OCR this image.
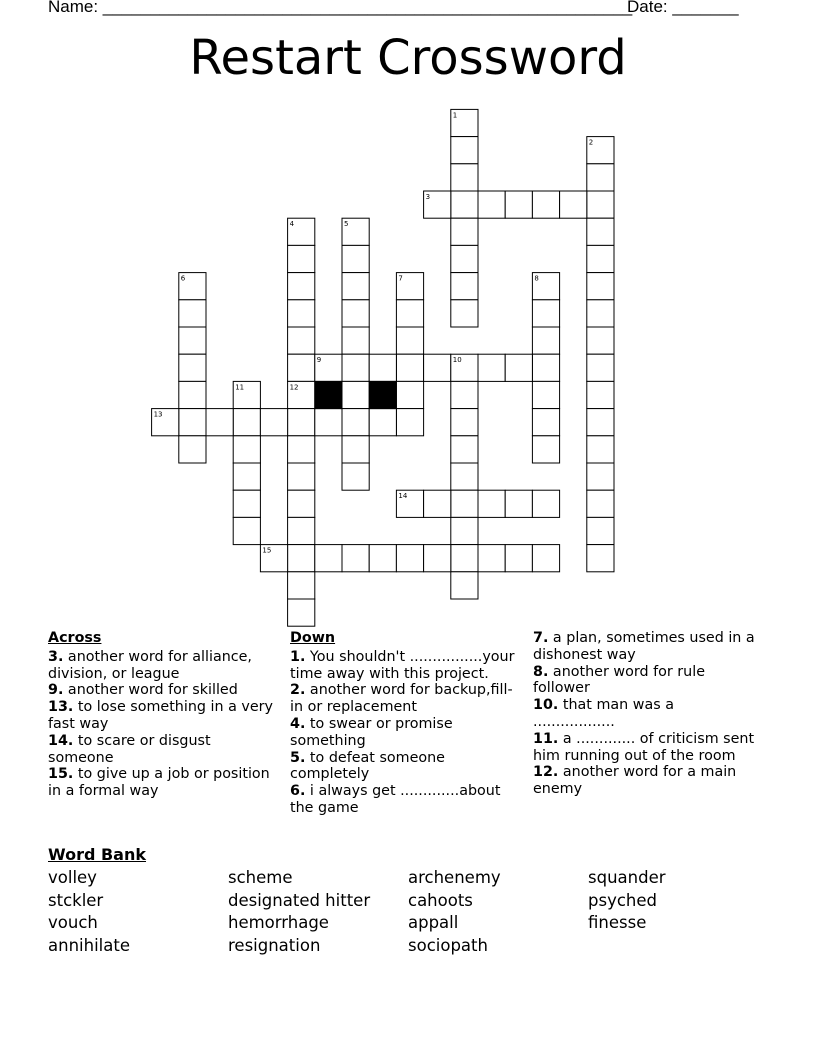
Name: ________________________________________________________
Date: _______
Restart Crossword
1
2
3
4	5
6	7	8
9	10
11	12
13
14
15
Across
3. another word for alliance, division, or league
9. another word for skilled
13. to lose something in a very fast way
14. to scare or disgust someone
15. to give up a job or position in a formal way
Down
1. You shouldn't ................your time away with this project.
2. another word for backup,fill- in or replacement
4. to swear or promise something
5. to defeat someone completely
6. i always get .............about the game
7. a plan, sometimes used in a dishonest way
8. another word for rule follower
10. that man was a ..................
11. a ............. of criticism sent him running out of the room
12. another word for a main enemy
Word Bank
volley
stckler
vouch
annihilate
scheme
designated hitter
hemorrhage
resignation
archenemy
cahoots
appall
sociopath
squander
psyched
finesse
